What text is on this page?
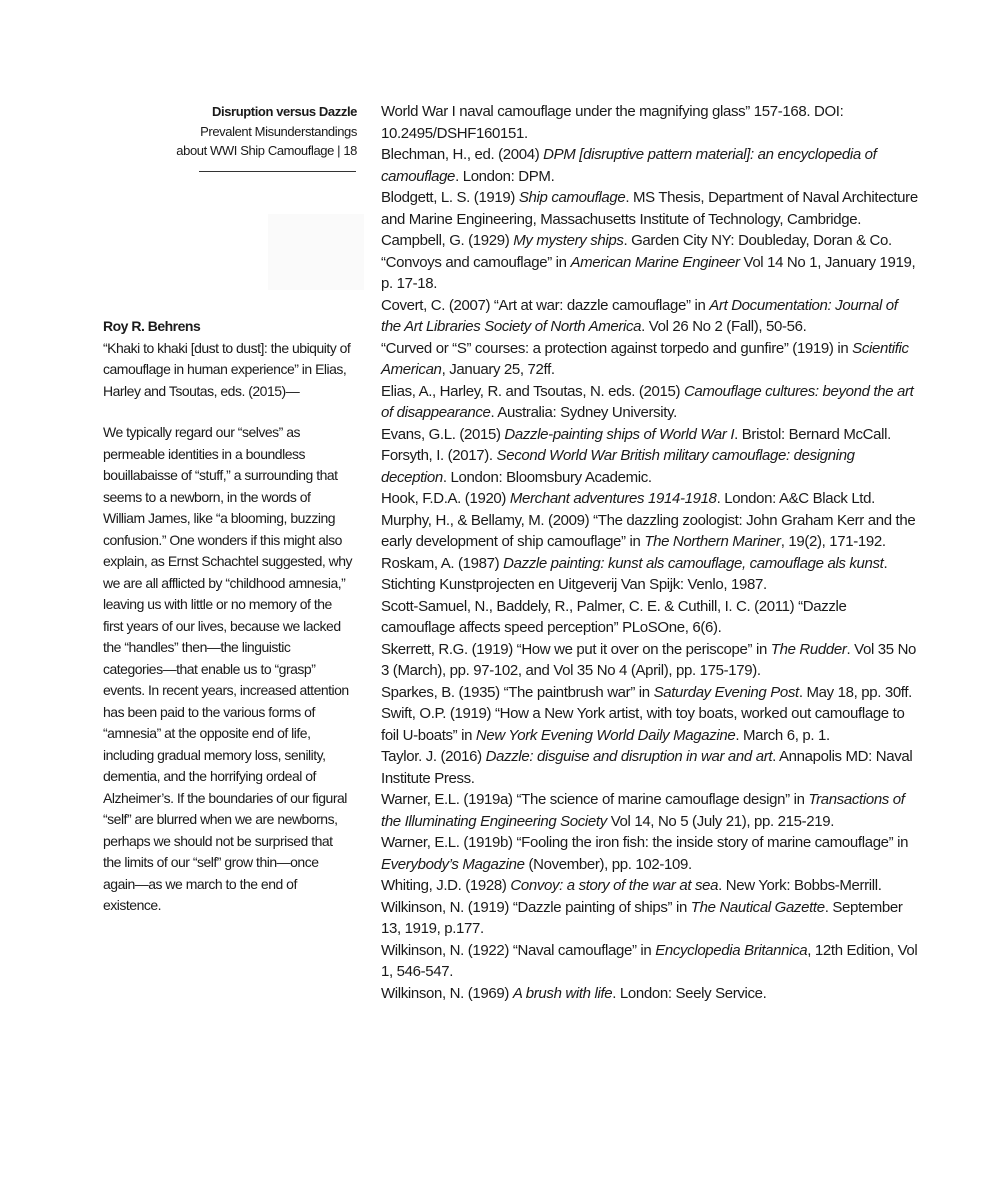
Disruption versus Dazzle
Prevalent Misunderstandings
about WWI Ship Camouflage | 18
Roy R. Behrens
“Khaki to khaki [dust to dust]: the ubiquity of camouflage in human experience” in Elias, Harley and Tsoutas, eds. (2015)—
We typically regard our “selves” as permeable identities in a boundless bouillabaisse of “stuff,” a surrounding that seems to a newborn, in the words of William James, like “a blooming, buzzing confusion.” One wonders if this might also explain, as Ernst Schachtel suggested, why we are all afflicted by “childhood amnesia,” leaving us with little or no memory of the first years of our lives, because we lacked the “handles” then—the linguistic categories—that enable us to “grasp” events. In recent years, increased attention has been paid to the various forms of “amnesia” at the opposite end of life, including gradual memory loss, senility, dementia, and the horrifying ordeal of Alzheimer’s. If the boundaries of our figural “self” are blurred when we are newborns, perhaps we should not be surprised that the limits of our “self” grow thin—once again—as we march to the end of existence.

World War I naval camouflage under the magnifying glass” 157-168. DOI: 10.2495/DSHF160151.

Blechman, H., ed. (2004) DPM [disruptive pattern material]: an encyclopedia of camouflage. London: DPM.

Blodgett, L. S. (1919) Ship camouflage. MS Thesis, Department of Naval Architecture and Marine Engineering, Massachusetts Institute of Technology, Cambridge.

Campbell, G. (1929) My mystery ships. Garden City NY: Doubleday, Doran & Co.

“Convoys and camouflage” in American Marine Engineer Vol 14 No 1, January 1919, p. 17-18.

Covert, C. (2007) “Art at war: dazzle camouflage” in Art Documentation: Journal of the Art Libraries Society of North America. Vol 26 No 2 (Fall), 50-56.

“Curved or “S” courses: a protection against torpedo and gunfire” (1919) in Scientific American, January 25, 72ff.

Elias, A., Harley, R. and Tsoutas, N. eds. (2015) Camouflage cultures: beyond the art of disappearance. Australia: Sydney University.

Evans, G.L. (2015) Dazzle-painting ships of World War I. Bristol: Bernard McCall.

Forsyth, I. (2017). Second World War British military camouflage: designing deception. London: Bloomsbury Academic.

Hook, F.D.A. (1920) Merchant adventures 1914-1918. London: A&C Black Ltd.

Murphy, H., & Bellamy, M. (2009) “The dazzling zoologist: John Graham Kerr and the early development of ship camouflage” in The Northern Mariner, 19(2), 171-192.

Roskam, A. (1987) Dazzle painting: kunst als camouflage, camouflage als kunst. Stichting Kunstprojecten en Uitgeverij Van Spijk: Venlo, 1987.

Scott-Samuel, N., Baddely, R., Palmer, C. E. & Cuthill, I. C. (2011) “Dazzle camouflage affects speed perception” PLoSOne, 6(6).

Skerrett, R.G. (1919) “How we put it over on the periscope” in The Rudder. Vol 35 No 3 (March), pp. 97-102, and Vol 35 No 4 (April), pp. 175-179).

Sparkes, B. (1935) “The paintbrush war” in Saturday Evening Post. May 18, pp. 30ff.

Swift, O.P. (1919) “How a New York artist, with toy boats, worked out camouflage to foil U-boats” in New York Evening World Daily Magazine. March 6, p. 1.

Taylor. J. (2016) Dazzle: disguise and disruption in war and art. Annapolis MD: Naval Institute Press.

Warner, E.L. (1919a) “The science of marine camouflage design” in Transactions of the Illuminating Engineering Society Vol 14, No 5 (July 21), pp. 215-219.

Warner, E.L. (1919b) “Fooling the iron fish: the inside story of marine camouflage” in Everybody’s Magazine (November), pp. 102-109.

Whiting, J.D. (1928) Convoy: a story of the war at sea. New York: Bobbs-Merrill.

Wilkinson, N. (1919) “Dazzle painting of ships” in The Nautical Gazette. September 13, 1919, p.177.

Wilkinson, N. (1922) “Naval camouflage” in Encyclopedia Britannica, 12th Edition, Vol 1, 546-547.

Wilkinson, N. (1969) A brush with life. London: Seely Service.
